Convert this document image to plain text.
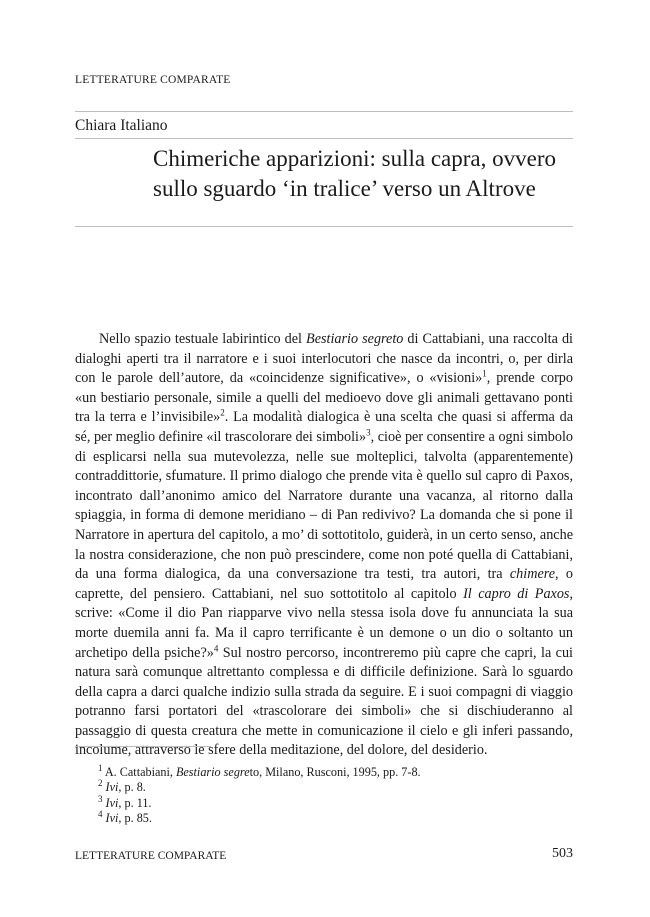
LETTERATURE COMPARATE
Chiara Italiano
Chimeriche apparizioni: sulla capra, ovvero
sullo sguardo ‘in tralice’ verso un Altrove

Nello spazio testuale labirintico del Bestiario segreto di Cattabiani, una raccolta di dialoghi aperti tra il narratore e i suoi interlocutori che nasce da incontri, o, per dirla con le parole dell’autore, da «coincidenze significative», o «visioni»$^1$, prende corpo «un bestiario personale, simile a quelli del medioevo dove gli animali gettavano ponti tra la terra e l’invisibile»$^2$. La modalità dialogica è una scelta che quasi si afferma da sé, per meglio definire «il trascolorare dei simboli»$^3$, cioè per consentire a ogni simbolo di esplicarsi nella sua mutevolezza, nelle sue molteplici, talvolta (apparentemente) contraddittorie, sfumature. Il primo dialogo che prende vita è quello sul capro di Paxos, incontrato dall’anonimo amico del Narratore durante una vacanza, al ritorno dalla spiaggia, in forma di demone meridiano – di Pan redivivo? La domanda che si pone il Narratore in apertura del capitolo, a mo’ di sottotitolo, guiderà, in un certo senso, anche la nostra considerazione, che non può prescindere, come non poté quella di Cattabiani, da una forma dialogica, da una conversazione tra testi, tra autori, tra chimere, o caprette, del pensiero. Cattabiani, nel suo sottotitolo al capitolo Il capro di Paxos, scrive: «Come il dio Pan riapparve vivo nella stessa isola dove fu annunciata la sua morte duemila anni fa. Ma il capro terrificante è un demone o un dio o soltanto un archetipo della psiche?»$^4$ Sul nostro percorso, incontreremo più capre che capri, la cui natura sarà comunque altrettanto complessa e di difficile definizione. Sarà lo sguardo della capra a darci qualche indizio sulla strada da seguire. E i suoi compagni di viaggio potranno farsi portatori del «trascolorare dei simboli» che si dischiuderanno al passaggio di questa creatura che mette in comunicazione il cielo e gli inferi passando, incolume, attraverso le sfere della meditazione, del dolore, del desiderio.

$^1$ A. Cattabiani, Bestiario segreto, Milano, Rusconi, 1995, pp. 7-8.
$^2$ Ivi, p. 8.
$^3$ Ivi, p. 11.
$^4$ Ivi, p. 85.
LETTERATURE COMPARATE	503
